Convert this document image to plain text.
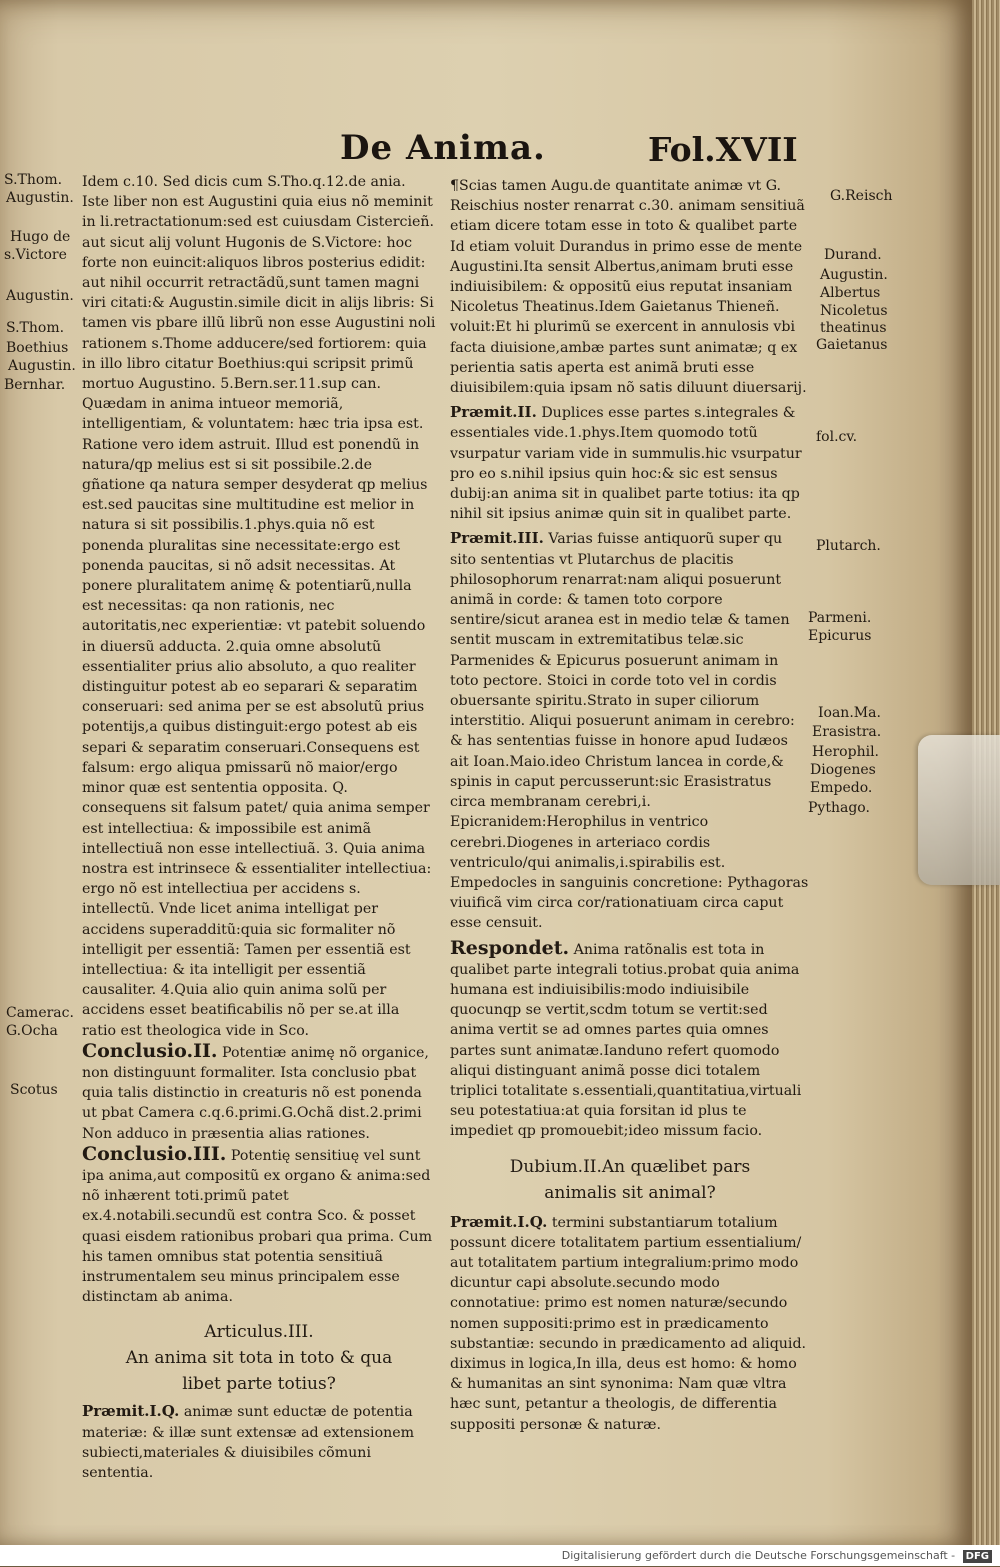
De Anima.	Fol.XVII
S.Thom.
Augustin.
Hugo de
s.Victore
Augustin.
S.Thom.
Boethius
Augustin.
Bernhar.
Camerac.
G.Ocha
Scotus
G.Reisch
Durand.
Augustin.
Albertus
Nicoletus
theatinus
Gaietanus
fol.cv.
Plutarch.
Parmeni.
Epicurus
Ioan.Ma.
Erasistra.
Herophil.
Diogenes
Empedo.
Pythago.

Idem c.10. Sed dicis cum S.Tho.q.12.de ania. Iste liber non est Augustini quia eius nõ meminit in li.retractationum:sed est cuiusdam Cistercieñ. aut sicut alij volunt Hugonis de S.Victore: hoc forte non euincit:aliquos libros posterius edidit: aut nihil occurrit retractãdũ,sunt tamen magni viri citati:& Augustin.simile dicit in alijs libris: Si tamen vis pbare illũ librũ non esse Augustini noli rationem s.Thome adducere/sed fortiorem: quia in illo libro citatur Boethius:qui scripsit primũ mortuo Augustino. 5.Bern.ser.11.sup can. Quædam in anima intueor memoriã, intelligentiam, & voluntatem: hæc tria ipsa est.

Ratione vero idem astruit. Illud est ponendũ in natura/qp melius est si sit possibile.2.de gñatione qa natura semper desyderat qp melius est.sed paucitas sine multitudine est melior in natura si sit possibilis.1.phys.quia nõ est ponenda pluralitas sine necessitate:ergo est ponenda paucitas, si nõ adsit necessitas. At ponere pluralitatem animę & potentiarũ,nulla est necessitas: qa non rationis, nec autoritatis,nec experientiæ: vt patebit soluendo in diuersũ adducta. 2.quia omne absolutũ essentialiter prius alio absoluto, a quo realiter distinguitur potest ab eo separari & separatim conseruari: sed anima per se est absolutũ prius potentijs,a quibus distinguit:ergo potest ab eis separi & separatim conseruari.Consequens est falsum: ergo aliqua pmissarũ nõ maior/ergo minor quæ est sententia opposita. Q. consequens sit falsum patet/ quia anima semper est intellectiua: & impossibile est animã intellectiuã non esse intellectiuã. 3. Quia anima nostra est intrinsece & essentialiter intellectiua: ergo nõ est intellectiua per accidens s. intellectũ. Vnde licet anima intelligat per accidens superadditũ:quia sic formaliter nõ intelligit per essentiã: Tamen per essentiã est intellectiua: & ita intelligit per essentiã causaliter. 4.Quia alio quin anima solũ per accidens esset beatificabilis nõ per se.at illa ratio est theologica vide in Sco.

Conclusio.II. Potentiæ animę nõ organice, non distinguunt formaliter. Ista conclusio pbat quia talis distinctio in creaturis nõ est ponenda ut pbat Camera c.q.6.primi.G.Ochã dist.2.primi Non adduco in præsentia alias rationes.

Conclusio.III. Potentię sensitiuę vel sunt ipa anima,aut compositũ ex organo & anima:sed nõ inhærent toti.primũ patet ex.4.notabili.secundũ est contra Sco. & posset quasi eisdem rationibus probari qua prima. Cum his tamen omnibus stat potentia sensitiuã instrumentalem seu minus principalem esse distinctam ab anima.

Articulus.III.
An anima sit tota in toto & qua
libet parte totius?

Præmit.I.Q. animæ sunt eductæ de potentia materiæ: & illæ sunt extensæ ad extensionem subiecti,materiales & diuisibiles cõmuni sententia.

¶Scias tamen Augu.de quantitate animæ vt G. Reischius noster renarrat c.30. animam sensitiuã etiam dicere totam esse in toto & qualibet parte Id etiam voluit Durandus in primo esse de mente Augustini.Ita sensit Albertus,animam bruti esse indiuisibilem: & oppositũ eius reputat insaniam Nicoletus Theatinus.Idem Gaietanus Thieneñ. voluit:Et hi plurimũ se exercent in annulosis vbi facta diuisione,ambæ partes sunt animatæ; q ex perientia satis aperta est animã bruti esse diuisibilem:quia ipsam nõ satis diluunt diuersarij.

Præmit.II. Duplices esse partes s.integrales & essentiales vide.1.phys.Item quomodo totũ vsurpatur variam vide in summulis.hic vsurpatur pro eo s.nihil ipsius quin hoc:& sic est sensus dubij:an anima sit in qualibet parte totius: ita qp nihil sit ipsius animæ quin sit in qualibet parte.

Præmit.III. Varias fuisse antiquorũ super qu sito sententias vt Plutarchus de placitis philosophorum renarrat:nam aliqui posuerunt animã in corde: & tamen toto corpore sentire/sicut aranea est in medio telæ & tamen sentit muscam in extremitatibus telæ.sic Parmenides & Epicurus posuerunt animam in toto pectore. Stoici in corde toto vel in cordis obuersante spiritu.Strato in super ciliorum interstitio. Aliqui posuerunt animam in cerebro: & has sententias fuisse in honore apud Iudæos ait Ioan.Maio.ideo Christum lancea in corde,& spinis in caput percusserunt:sic Erasistratus circa membranam cerebri,i. Epicranidem:Herophilus in ventrico cerebri.Diogenes in arteriaco cordis ventriculo/qui animalis,i.spirabilis est. Empedocles in sanguinis concretione: Pythagoras viuificã vim circa cor/rationatiuam circa caput esse censuit.

Respondet. Anima ratõnalis est tota in qualibet parte integrali totius.probat quia anima humana est indiuisibilis:modo indiuisibile quocunqp se vertit,scdm totum se vertit:sed anima vertit se ad omnes partes quia omnes partes sunt animatæ.Ianduno refert quomodo aliqui distinguant animã posse dici totalem triplici totalitate s.essentiali,quantitatiua,virtuali seu potestatiua:at quia forsitan id plus te impediet qp promouebit;ideo missum facio.

Dubium.II.An quælibet pars
animalis sit animal?

Præmit.I.Q. termini substantiarum totalium possunt dicere totalitatem partium essentialium/ aut totalitatem partium integralium:primo modo dicuntur capi absolute.secundo modo connotatiue: primo est nomen naturæ/secundo nomen suppositi:primo est in prædicamento substantiæ: secundo in prædicamento ad aliquid. diximus in logica,In illa, deus est homo: & homo & humanitas an sint synonima: Nam quæ vltra hæc sunt, petantur a theologis, de differentia suppositi personæ & naturæ.

Digitalisierung gefördert durch die Deutsche Forschungsgemeinschaft - DFG
